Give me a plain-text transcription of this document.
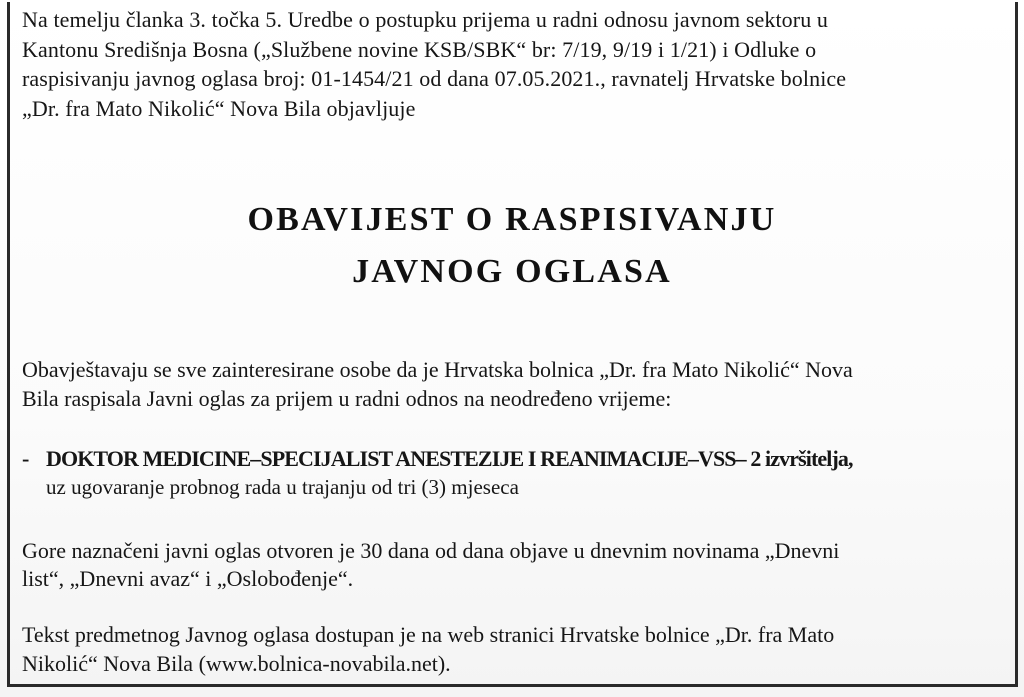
Na temelju članka 3. točka 5. Uredbe o postupku prijema u radni odnosu javnom sektoru u

Kantonu Središnja Bosna („Službene novine KSB/SBK“ br: 7/19, 9/19 i 1/21) i Odluke o

raspisivanju javnog oglasa broj: 01-1454/21 od dana 07.05.2021., ravnatelj Hrvatske bolnice

„Dr. fra Mato Nikolić“ Nova Bila objavljuje

OBAVIJEST O RASPISIVANJU
JAVNOG OGLASA

Obavještavaju se sve zainteresirane osobe da je Hrvatska bolnica „Dr. fra Mato Nikolić“ Nova

Bila raspisala Javni oglas za prijem u radni odnos na neodređeno vrijeme:

- DOKTOR MEDICINE–SPECIJALIST ANESTEZIJE I REANIMACIJE–VSS– 2 izvršitelja,

uz ugovaranje probnog rada u trajanju od tri (3) mjeseca

Gore naznačeni javni oglas otvoren je 30 dana od dana objave u dnevnim novinama „Dnevni

list“, „Dnevni avaz“ i „Oslobođenje“.

Tekst predmetnog Javnog oglasa dostupan je na web stranici Hrvatske bolnice „Dr. fra Mato

Nikolić“ Nova Bila (www.bolnica-novabila.net).
